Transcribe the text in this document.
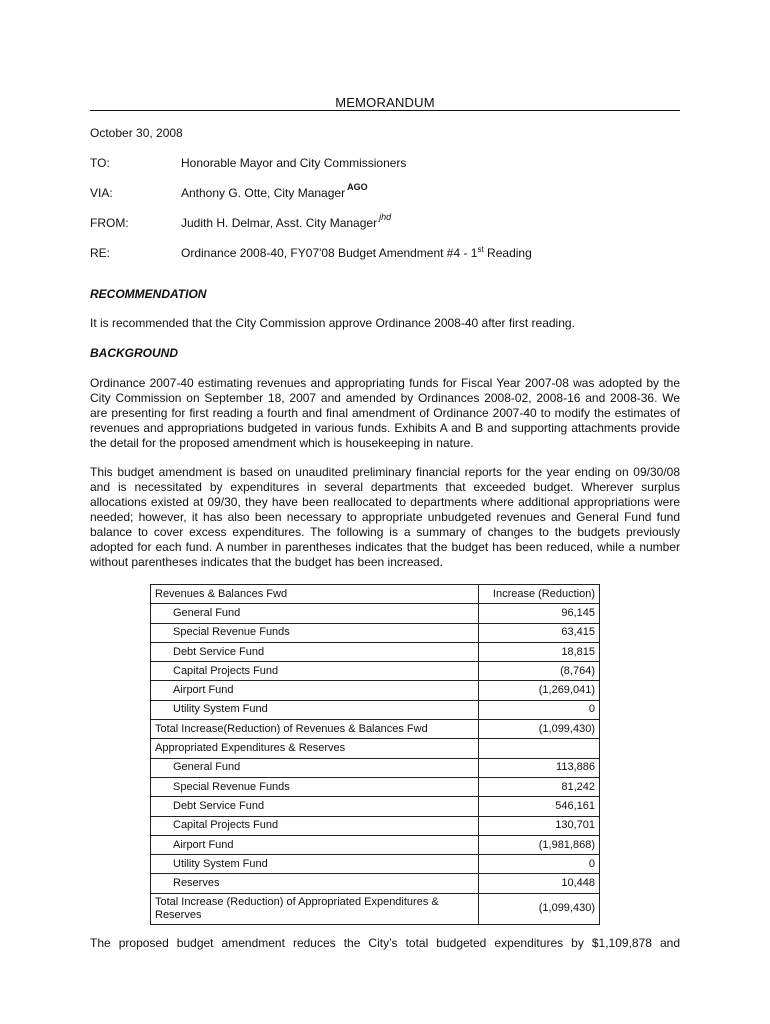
MEMORANDUM
October 30, 2008
TO:	Honorable Mayor and City Commissioners
VIA:	Anthony G. Otte, City Manager $^{AGO}$
FROM:	Judith H. Delmar, Asst. City Manager $^{jhd}$
RE:	Ordinance 2008-40, FY07'08 Budget Amendment #4 - 1st Reading
RECOMMENDATION
It is recommended that the City Commission approve Ordinance 2008-40 after first reading.
BACKGROUND
Ordinance 2007-40 estimating revenues and appropriating funds for Fiscal Year 2007-08 was adopted by the City Commission on September 18, 2007 and amended by Ordinances 2008-02, 2008-16 and 2008-36. We are presenting for first reading a fourth and final amendment of Ordinance 2007-40 to modify the estimates of revenues and appropriations budgeted in various funds. Exhibits A and B and supporting attachments provide the detail for the proposed amendment which is housekeeping in nature.
This budget amendment is based on unaudited preliminary financial reports for the year ending on 09/30/08 and is necessitated by expenditures in several departments that exceeded budget. Wherever surplus allocations existed at 09/30, they have been reallocated to departments where additional appropriations were needed; however, it has also been necessary to appropriate unbudgeted revenues and General Fund fund balance to cover excess expenditures. The following is a summary of changes to the budgets previously adopted for each fund. A number in parentheses indicates that the budget has been reduced, while a number without parentheses indicates that the budget has been increased.
The proposed budget amendment reduces the City’s total budgeted expenditures by $1,109,878 and
Revenues & Balances Fwd	Increase (Reduction)
General Fund	96,145
Special Revenue Funds	63,415
Debt Service Fund	18,815
Capital Projects Fund	(8,764)
Airport Fund	(1,269,041)
Utility System Fund	0
Total Increase(Reduction) of Revenues & Balances Fwd	(1,099,430)
Appropriated Expenditures & Reserves	
General Fund	113,886
Special Revenue Funds	81,242
Debt Service Fund	546,161
Capital Projects Fund	130,701
Airport Fund	(1,981,868)
Utility System Fund	0
Reserves	10,448
Total Increase (Reduction) of Appropriated Expenditures & Reserves	(1,099,430)
